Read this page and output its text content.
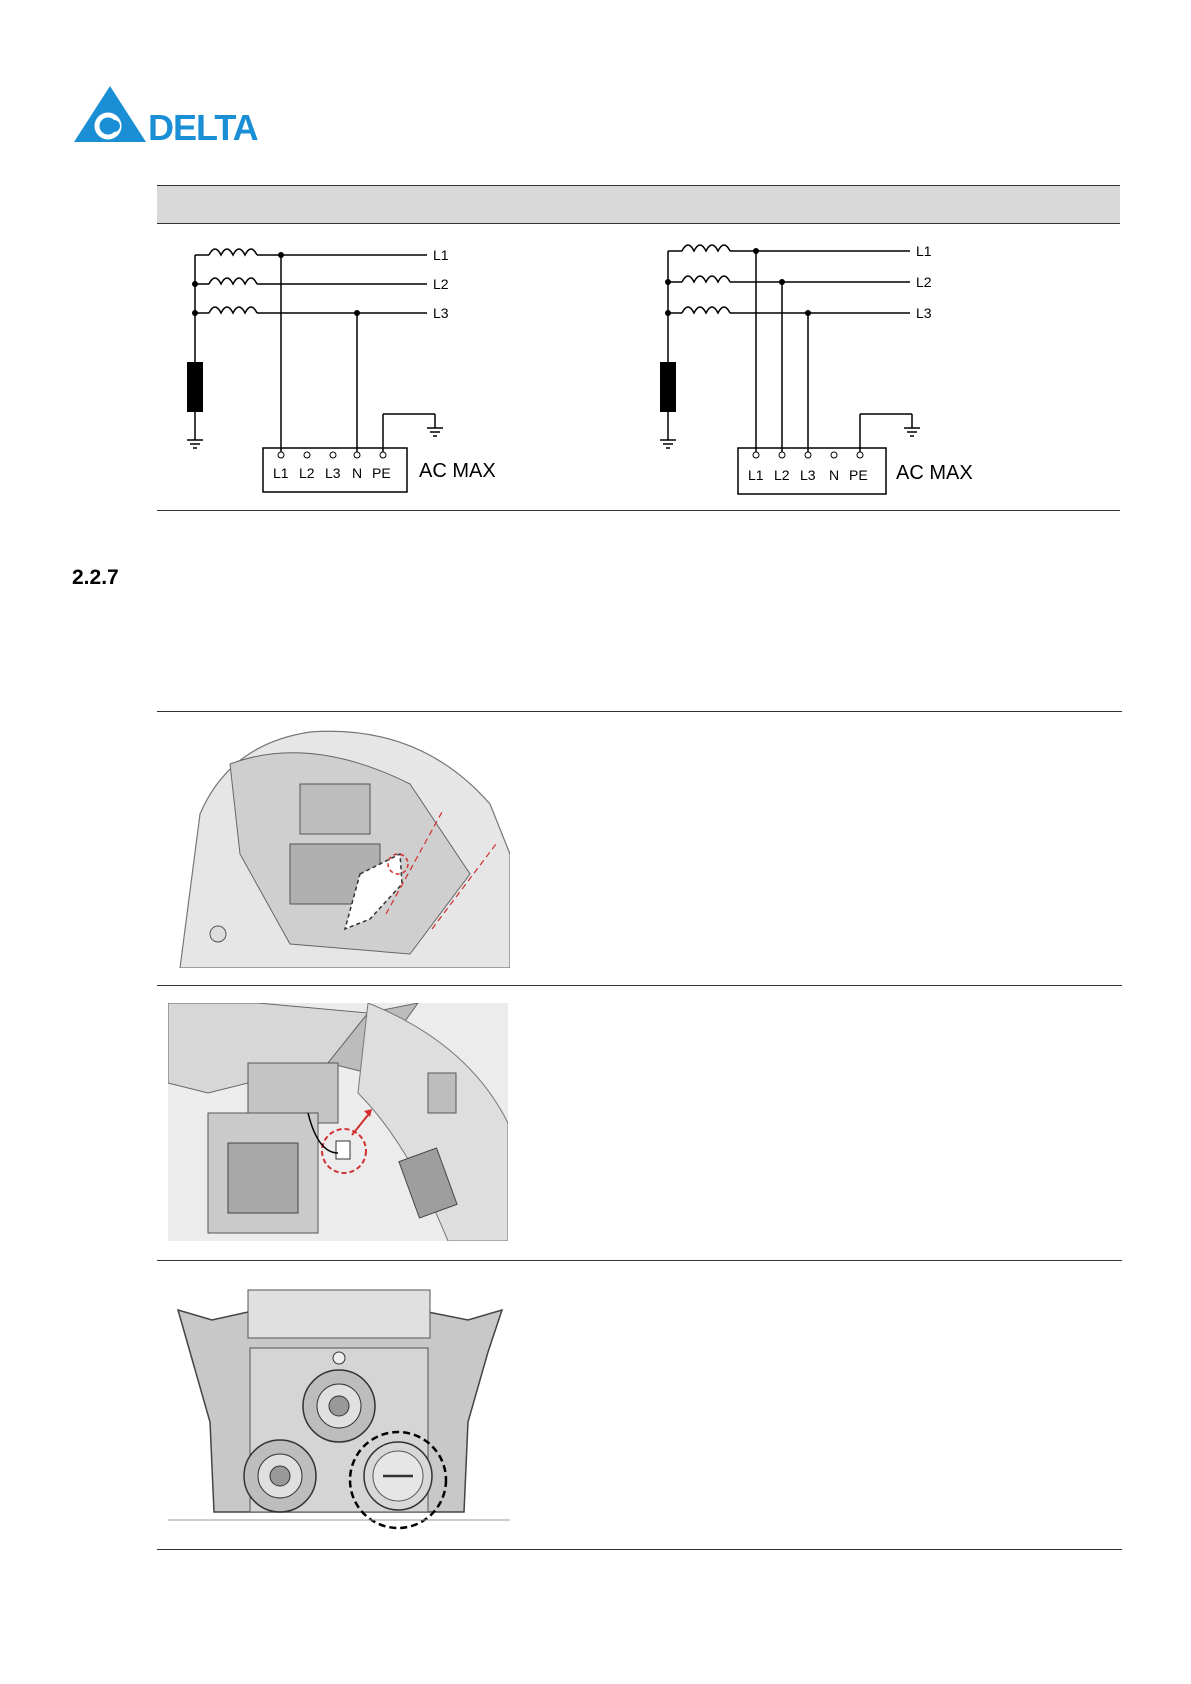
DELTA
L1
L2
L3
L1 L2 L3 N PE AC MAX
L1
L2
L3
L1 L2 L3 N PE AC MAX
2.2.7
